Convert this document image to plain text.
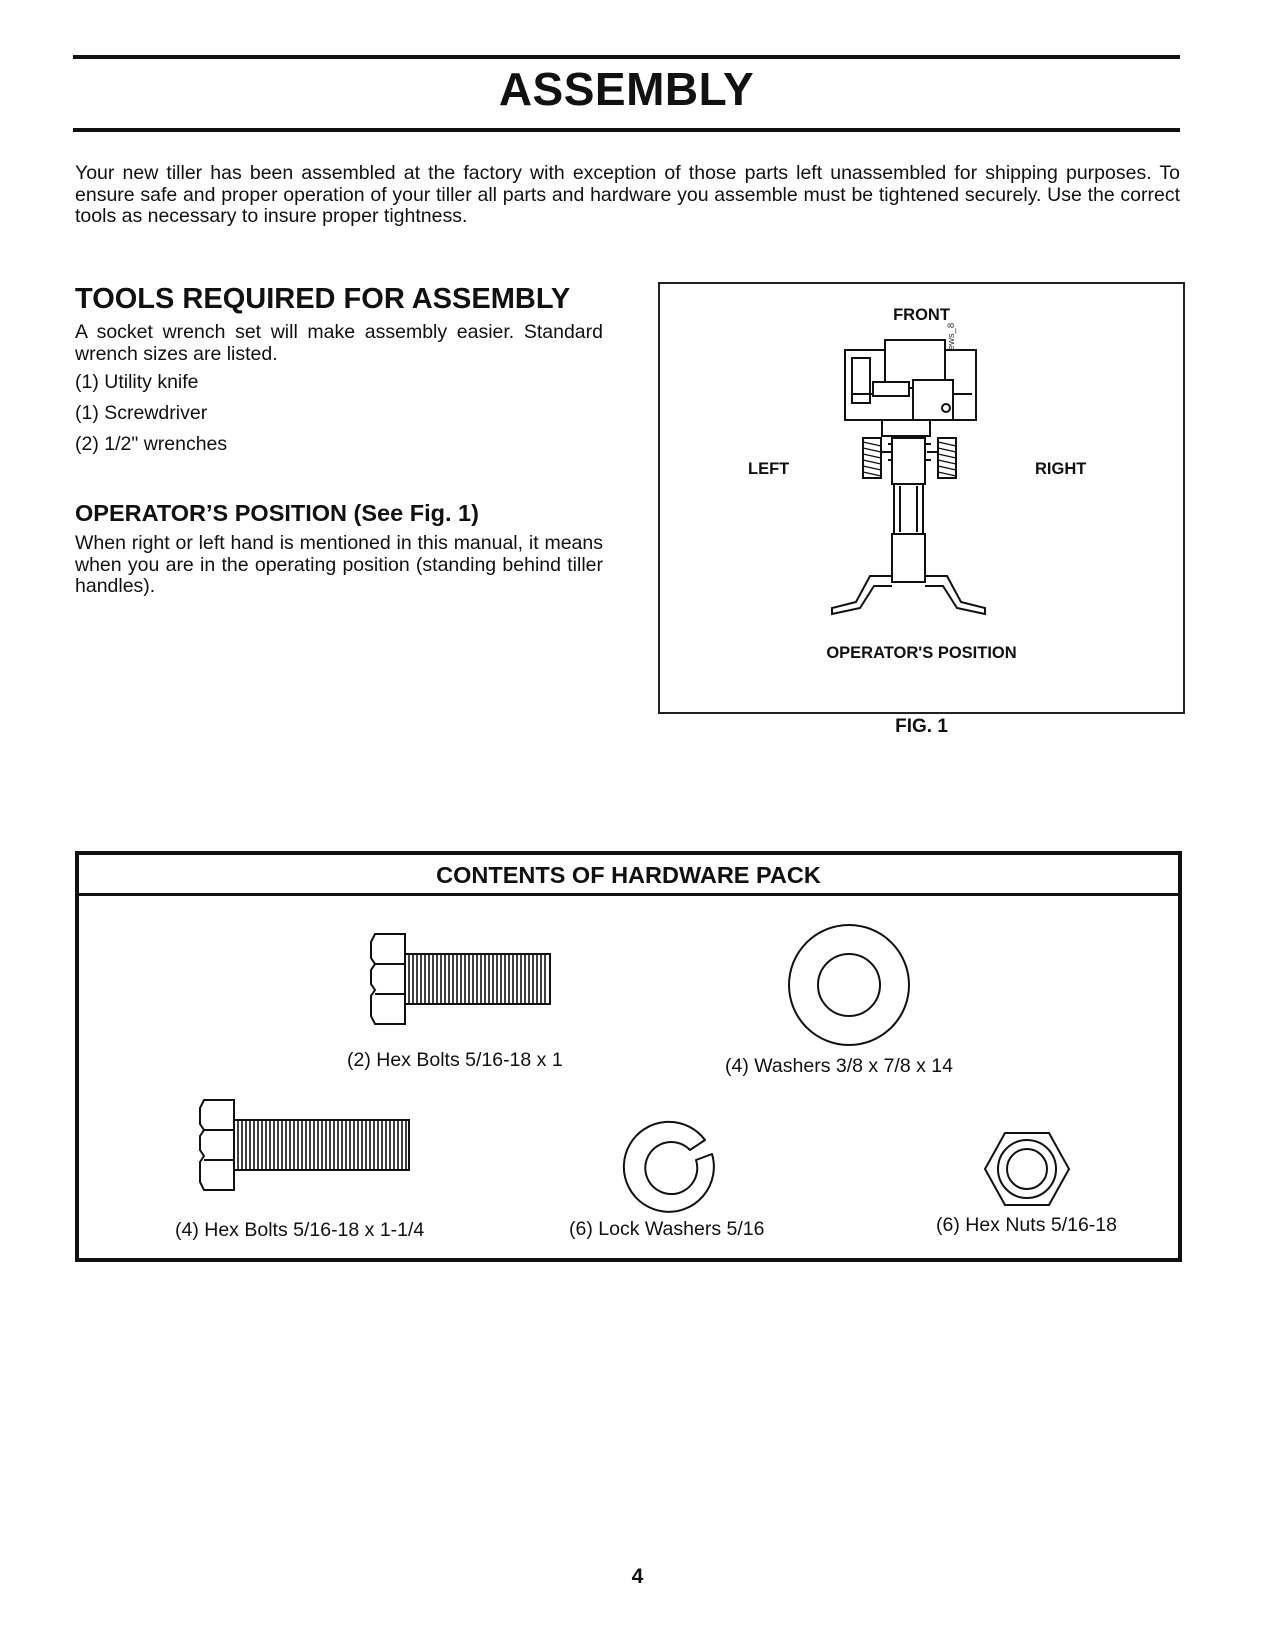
ASSEMBLY
Your new tiller has been assembled at the factory with exception of those parts left unassembled for shipping purposes. To ensure safe and proper operation of your tiller all parts and hardware you assemble must be tightened securely. Use the correct tools as necessary to insure proper tightness.
TOOLS REQUIRED FOR ASSEMBLY

A socket wrench set will make assembly easier. Standard wrench sizes are listed.

(1) Utility knife
(1) Screwdriver
(2) 1/2" wrenches
OPERATOR’S POSITION (See Fig. 1)

When right or left hand is mentioned in this manual, it means when you are in the operating position (standing behind tiller handles).

FRONT
LEFT	RIGHT
OPERATOR'S POSITION
FIG. 1
CONTENTS OF HARDWARE PACK
(2) Hex Bolts 5/16-18 x 1	(4) Washers 3/8 x 7/8 x 14
(4) Hex Bolts 5/16-18 x 1-1/4	(6) Lock Washers 5/16	(6) Hex Nuts 5/16-18
4
